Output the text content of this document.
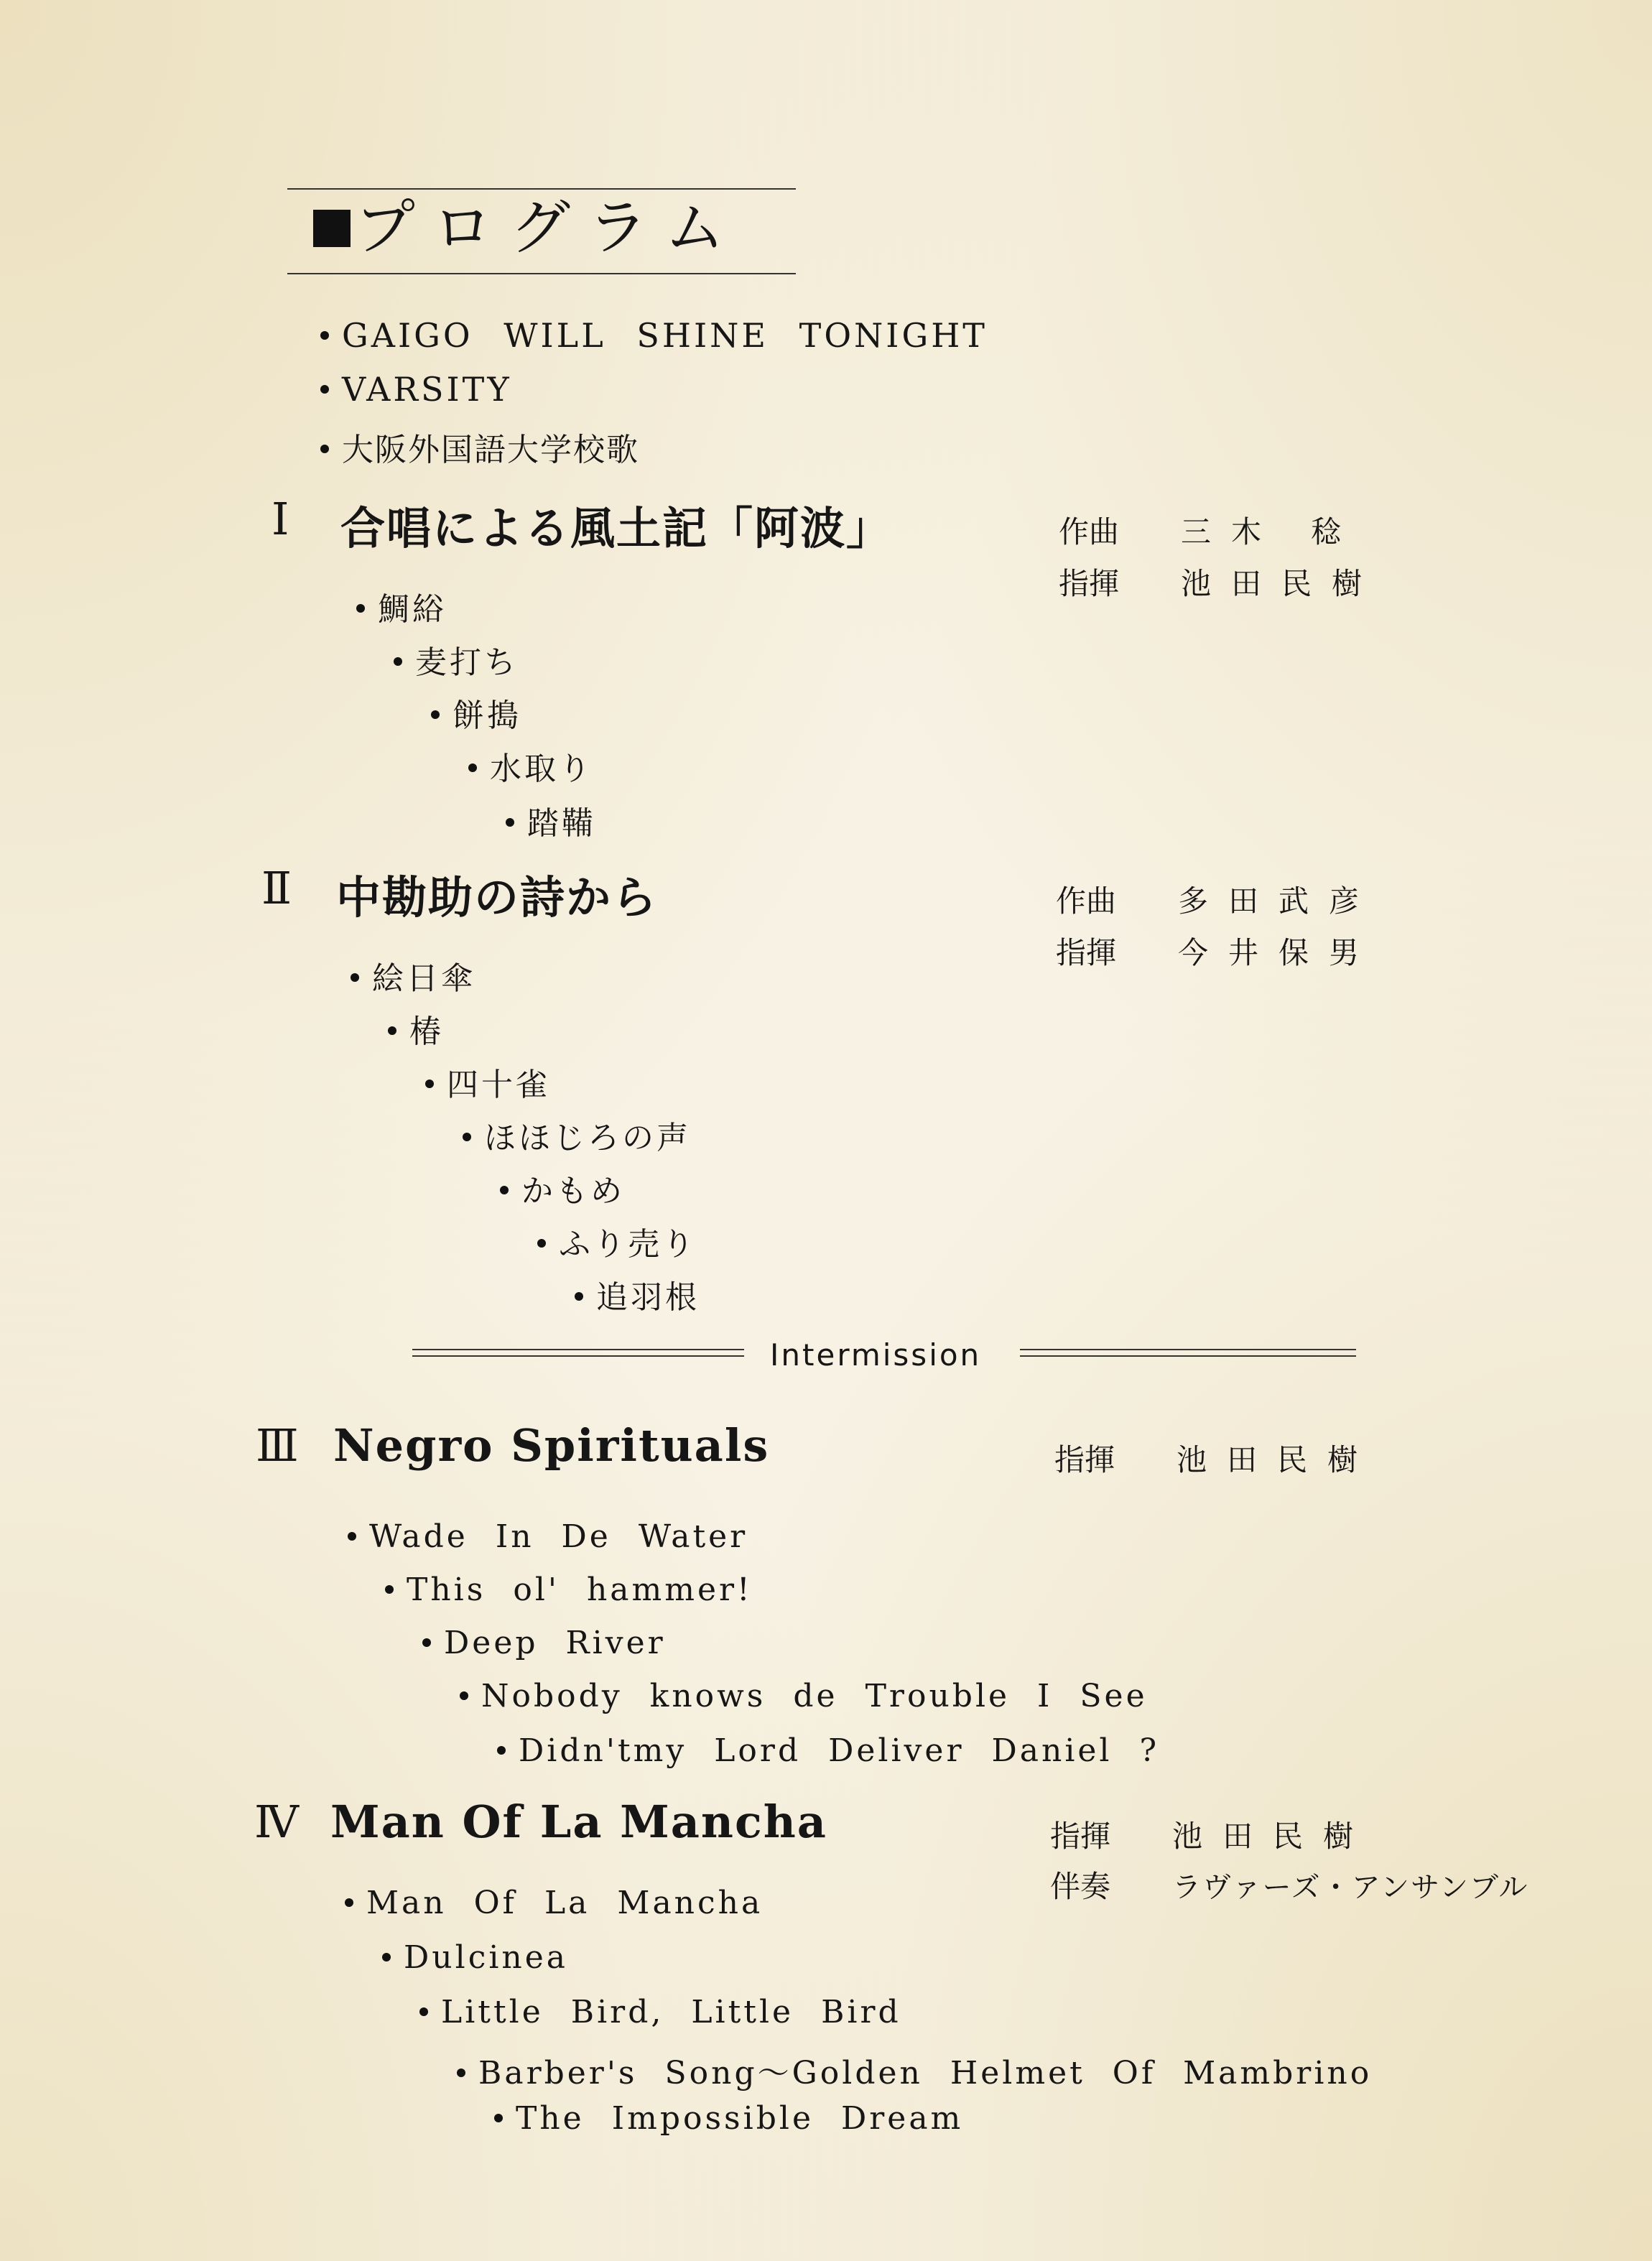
プログラム
GAIGO WILL SHINE TONIGHT
VARSITY
大阪外国語大学校歌
Ⅰ 合唱による風土記「阿波」	作曲 三木 稔
指揮 池田民樹
鯛綌
麦打ち
餅搗
水取り
踏鞴
Ⅱ 中勘助の詩から	作曲 多田武彦
指揮 今井保男
絵日傘
椿
四十雀
ほほじろの声
かもめ
ふり売り
追羽根
Intermission
Ⅲ Negro Spirituals	指揮 池田民樹
Wade In De Water
This ol' hammer!
Deep River
Nobody knows de Trouble I See
Didn'tmy Lord Deliver Daniel ?
Ⅳ Man Of La Mancha	指揮 池田民樹
伴奏 ラヴァーズ・アンサンブル
Man Of La Mancha
Dulcinea
Little Bird, Little Bird
Barber's Song～Golden Helmet Of Mambrino
The Impossible Dream
